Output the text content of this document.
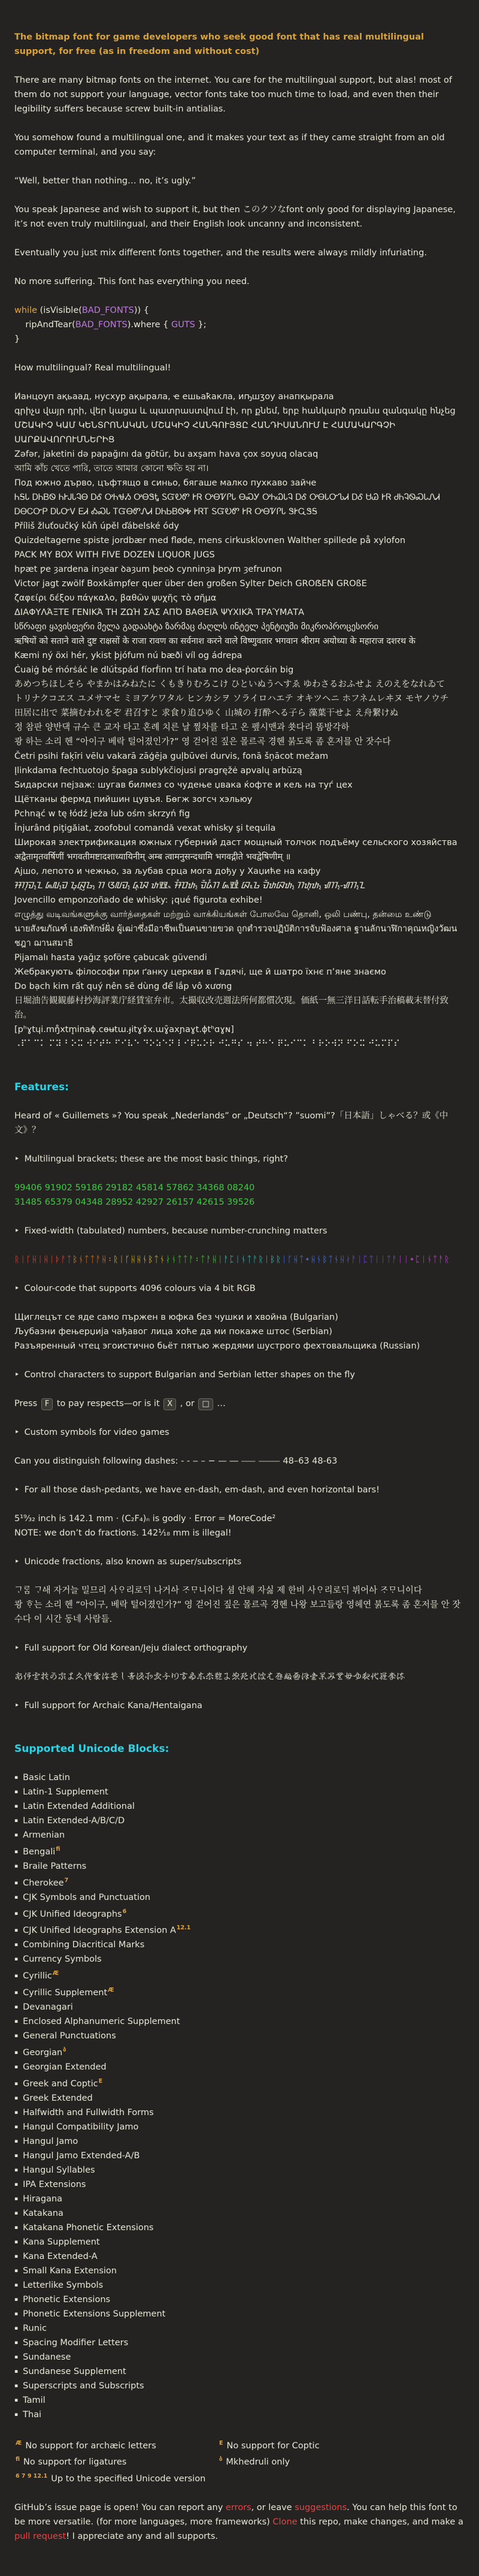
The bitmap font for game developers who seek good font that has real multilingual support, for free (as in freedom and without cost)

There are many bitmap fonts on the internet. You care for the multilingual support, but alas! most of them do not support your language, vector fonts take too much time to load, and even then their legibility suffers because screw built-in antialias.

You somehow found a multilingual one, and it makes your text as if they came straight from an old computer terminal, and you say:

“Well, better than nothing… no, it’s ugly.”

You speak Japanese and wish to support it, but then このクソなfont only good for displaying Japanese, it’s not even truly multilingual, and their English look uncanny and inconsistent.

Eventually you just mix different fonts together, and the results were always mildly infuriating.

No more suffering. This font has everything you need.

while (isVisible(BAD_FONTS)) {
ripAndTear(BAD_FONTS).where { GUTS };
}

How multilingual? Real multilingual!

Ианцоуп ақьаад, нусхур ақырала, ҽ ешьаҟакла, иҧшӡоу анапқырала
գրիչս վայր դրի, վեր կացա և պատրաստվում էի, որ քնեմ, երբ հանկարծ դռանս զանգակը հնչեց
ՄՇԱԿԻՉ ԿԱՄ ԿԵՆՏՐՈՆԱԿԱՆ ՄՇԱԿԻՉ ՀԱՆԳՈՒՅՑԸ ՀԱՆԴԻՍԱՆՈՒՄ Է ՀԱՄԱԿԱՐԳՉԻ ՍԱՐՔԱՎՈՐՈՒՄՆԵՐԻՑ
Zəfər, jaketini də papağını da götür, bu axşam hava çox soyuq olacaq
আমি কাঁচ খেতে পারি, তাতে আমার কোনো ক্ষতি হয় না।
Под южно дърво, цъфтящо в синьо, бягаше малко пухкаво зайче
ᏂᎦᏓ ᎠᏂᏴᏫ ᏂᎨᎫᏓᎸᎾ ᎠᎴ ᎤᏂᏠᏱ ᎤᎾᏕᎿ ᏚᏳᎧᏛ ᎨᏒ ᎤᎾᏤᎵᏓ ᎾᏍᎩ ᎤᏂᏇᏓᎸ ᎠᎴ ᎤᎾᏓᏅᏖᏗ ᎠᎴ ᏌᏊ ᎨᏒ ᏧᏂᎸᏫᏍᏓᏁᏗ ᎠᎾᏟᏅᏢ ᎠᏓᏅᏙ ᎬᏗ ᎣᏍᏓ ᎢᏳᎾᏛᏁᏗ ᎠᏂᏏᏴᏫᎭ ᎨᏒᎢ ᏚᏳᎧᏛ ᎨᏒ ᎤᎾᏤᎵᏓ ᏕᎨᏩᏕᎦ
Příliš žluťoučký kůň úpěl ďábelské ódy
Quizdeltagerne spiste jordbær med fløde, mens cirkusklovnen Walther spillede på xylofon
PACK MY BOX WITH FIVE DOZEN LIQUOR JUGS
hƿæt ƿe ȝardena inȝear ꝺaȝum þeoꝺ cynninȝa þrym ȝefrunon
Victor jagt zwölf Boxkämpfer quer über den großen Sylter Deich GROẞEN GROßE
ζαφείρι δέξου πάγκαλο, βαθῶν ψυχῆς τὸ σῆμα
ΔΙΑΦΥΛΆΞΤΕ ΓΕΝΙΚΆ ΤΗ ΖΩΉ ΣΑΣ ΑΠΌ ΒΑΘΕΙΆ ΨΥΧΙΚΆ ΤΡΑΎΜΑΤΑ
სწრაფი ყავისფერი მელა გადაახტა ზარმაც ძაღლს ინტელ პენტიუმი მიკროპროცესორი
ऋषियों को सताने वाले दुष्ट राक्षसों के राजा रावण का सर्वनाश करने वाले विष्णुवतार भगवान श्रीराम अयोध्या के महाराज दशरथ के
Kæmi ný öxi hér, ykist þjófum nú bæði víl og ádrepa
Ċuaiġ bé ṁórṡáċ le dlúṫspád fíorḟinn trí hata mo ḋea-ṗorcáin big
あめつちほしそら やまかはみねたに くもきりむろこけ ひといぬうへすゑ ゆわさるおふせよ えのえをなれゐて
トリナクコヱス ユメサマセ ミヨアケワタル ヒンカシヲ ソライロハエテ オキツヘニ ホフネムレヰヌ モヤノウチ
田居に出で 菜摘むわれをぞ 君召すと 求食り追ひゆく 山城の 打酔へる子ら 藻葉干せよ え舟繋けぬ
정 참판 양반댁 규수 큰 교자 타고 혼례 치른 날 찦차를 타고 온 펲시맨과 쑛다리 똠방각하
쾅 하는 소리 헨 “아이구 베락 털어졌인가?” 영 걷어진 짚은 몰르곡 경헨 붉도록 좀 혼저믈 안 잣수다
Četri psihi faķīri vēlu vakarā zāģēja guļbūvei durvis, fonā šņācot mežam
Įlinkdama fechtuotojo špaga sublykčiojusi pragręžė apvalų arbūzą
Ѕидарски пејзаж: шугав билмез со чудење џвака ќофте и кељ на туѓ цех
Щётканы фермд пийшин цувъя. Бөгж зогсч хэльюу
Pchnąć w tę łódź jeża lub ośm skrzyń fig
Înjurând piţigăiat, zoofobul comandă vexat whisky şi tequila
Широкая электрификация южных губерний даст мощный толчок подъёму сельского хозяйства
अद्वैतामृतवर्षिणीं भगवतीमष्टादशाध्यायिनीम् अम्ब त्वामनुसन्दधामि भगवद्गीते भवद्वेषिणीम् ॥
Ајшо, лепото и чежњо, за љубав срца мога дођу у Хаџиће на кафу
ᮞᮊᮥᮙ᮪ᮔ ᮏᮜ᮪ᮙ ᮌᮥᮘᮢᮌ᮪ ᮊ ᮃᮜᮙ᮪ ᮓᮥᮑ ᮒᮾᮂ ᮞᮤᮕᮒ᮪ ᮙᮁᮓᮤᮊ ᮏᮾᮀ ᮘᮧᮌ ᮙᮁᮒᮘᮒ᮪ ᮊᮒᮥᮒ᮪ ᮠᮊ᮪-ᮠᮊ᮪ᮔ
Jovencillo emponzoñado de whisky: ¡qué figurota exhibe!
எழுத்து வடிவங்களுக்கு வார்த்தைகள் மற்றும் வாக்கியங்கள் போலவே தொனி, ஒலி பண்பு, தன்மை உண்டு
นายสังฆภัณฑ์ เฮงพิทักษ์ฝั่ง ผู้เฒ่าซึ่งมีอาชีพเป็นฅนขายขวด ถูกตำรวจปฏิบัติการจับฟ้องศาล ฐานลักนาฬิกาคุณหญิงวัฒนชฎา ฌานสมาธิ
Pijamalı hasta yağız şoföre çabucak güvendi
Жебракують філософи при ґанку церкви в Гадячі, ще й шатро їхнє п’яне знаємо
Do bạch kim rất quý nên sẽ dùng để lắp vô xương
日堀油告観観藤村抄海評業庁経賃室弁市。太撮収改売週法所何都慣次現。価紙一無三洋日話転手治稿載末替付致治。
[pʰɣtɥi.mŋ̊xtm̥inaɸ.cɵʉtɯ.ɟitɣɤ̂x.ɯɣ̑axɲaɣt.ɸtʰɑɣɴ]
⠠⠏⠁⠉⠅ ⠍⠽ ⠃⠕⠭ ⠺⠊⠞⠓ ⠋⠊⠧⠑ ⠙⠕⠵⠑⠝ ⠇⠊⠟⠥⠕⠗ ⠚⠥⠛⠎ ⠲ ⠞⠓⠑ ⠟⠥⠊⠉⠅ ⠃⠗⠕⠺⠝ ⠋⠕⠭ ⠚⠥⠍⠏⠎
Features:

Heard of « Guillemets »? You speak „Nederlands” or „Deutsch“? ”suomi”?「日本語」しゃべる？或《中文》？

‣ Multilingual brackets; these are the most basic things, right?

99406 91902 59186 29182 45814 57862 34368 08240
31485 65379 04348 28952 42927 26157 42615 39526

‣ Fixed-width (tabulated) numbers, because number-crunching matters

ᚱᛁᚴᚺᛁᚺᛁᚦᚨᛏᛒᚾᛏᛏᚨᚺ᛬ᚱᛁᚴᚺᚺᚾᛒᛏᚾᛅᚾᛏᛏᚨ᛬ᛏᚨᚺᛁᚨᛈᛁᚾᛏᚨᚱᛁᛒᚱᛁᚴᚺᛏ᛭ᚺᚾᛒᛏᚾᚺᛅᚨᛁᛈᛏᛁᛁᛏᚨᛁᛁ᛭ᛈᛁᚾᛏᚨᚱ

‣ Colour-code that supports 4096 colours via 4 bit RGB

Щиглецът се яде само пържен в юфка без чушки и хвойна (Bulgarian)
Љубазни фењерџија чађавог лица хоће да ми покаже штос (Serbian)
Разъяренный чтец эгоистично бьёт пятью жердями шустрого фехтовальщика (Russian)

‣ Control characters to support Bulgarian and Serbian letter shapes on the fly

Press F to pay respects—or is it X , or □ …

‣ Custom symbols for video games

Can you distinguish following dashes: - ‐ ‒ – − — ― ⸺ ⸻ 48–63 48-63

‣ For all those dash-pedants, we have en-dash, em-dash, and even horizontal bars!

5¹⁹⁄₃₂ inch is 142.1 mm · (C₂F₄)ₙ is godly · Error = MoreCode²
NOTE: we don’t do fractions. 142¹⁄₁₈ mm is illegal!

‣ Unicode fractions, also known as super/subscripts

ᄀᆞᄅᆞᆷ ᄀᆞᅀᅢ 자거늘 밀므리 사ᄋᆞ리로ᄃᆡ 나거ᅀᅡ ᄌᆞᄆᆞ니ᅌᅵ다 셤 안해 자싫 제 한비 사ᄋᆞ리로ᄃᆡ 뷔어ᅀᅡ ᄌᆞᄆᆞ니ᅌᅵ다
쾅 ᄒᆞ는 소리 헨 “아이구, 베락 털어졌인가?” 영 걷어진 짚은 몰르곡 경헨 나왕 보고들랑 영헤연 붉도록 좀 혼저믈 안 잣수다 이 시간 동네 사람들.

‣ Full support for Old Korean/Jeju dialect orthography

𛀂𛀇𛀎𛀔𛀙𛀢𛀦𛀫𛀯𛀵𛀺𛁀𛁅𛁋𛁐𛁗𛁝𛁢𛁩𛁮𛁴𛁹𛂀𛂆𛂌𛂑𛂖𛂜𛂡𛂦𛂬𛂱𛂶𛂻𛃁𛃇𛃌𛃑𛃗𛃝𛃢𛃧𛃭𛃳𛃸

‣ Full support for Archaic Kana/Hentaigana

Supported Unicode Blocks:
▪ Basic Latin
▪ Latin-1 Supplement
▪ Latin Extended Additional
▪ Latin Extended-A/B/C/D
▪ Armenian
▪ Bengali$^{fi}$
▪ Braile Patterns
▪ Cherokee$^7$
▪ CJK Symbols and Punctuation
▪ CJK Unified Ideographs$^6$
▪ CJK Unified Ideographs Extension $A^{12.1}$
▪ Combining Diacritical Marks
▪ Currency Symbols
▪ Cyrillic$^Æ$
▪ Cyrillic Supplement$^Æ$
▪ Devanagari
▪ Enclosed Alphanumeric Supplement
▪ General Punctuations
▪ Georgian$^ბ$
▪ Georgian Extended
▪ Greek and Coptic$^E$
▪ Greek Extended
▪ Halfwidth and Fullwidth Forms
▪ Hangul Compatibility Jamo
▪ Hangul Jamo
▪ Hangul Jamo Extended-A/B
▪ Hangul Syllables
▪ IPA Extensions
▪ Hiragana
▪ Katakana
▪ Katakana Phonetic Extensions
▪ Kana Supplement
▪ Kana Extended-A
▪ Small Kana Extension
▪ Letterlike Symbols
▪ Phonetic Extensions
▪ Phonetic Extensions Supplement
▪ Runic
▪ Spacing Modifier Letters
▪ Sundanese
▪ Sundanese Supplement
▪ Superscripts and Subscripts
▪ Tamil
▪ Thai
$^Æ$ No support for archæic letters	$^E$ No support for Coptic
$^{fi}$ No support for ligatures	$^ბ$ Mkhedruli only
$^{6 7 9 12.1}$ Up to the specified Unicode version

GitHub’s issue page is open! You can report any errors, or leave suggestions. You can help this font to be more versatile. (for more languages, more frameworks) Clone this repo, make changes, and make a pull request! I appreciate any and all supports.
